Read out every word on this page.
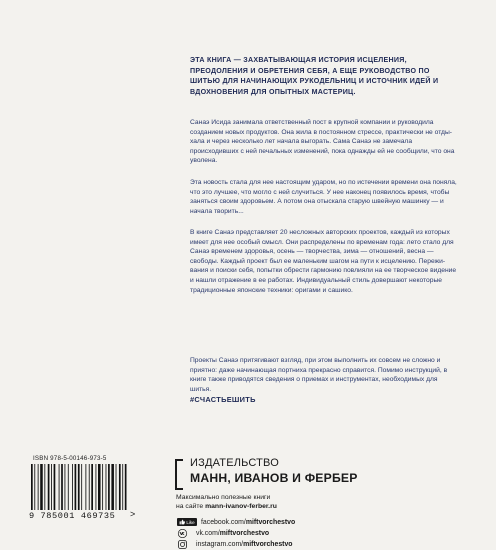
ЭТА КНИГА — ЗАХВАТЫВАЮЩАЯ ИСТОРИЯ ИСЦЕЛЕНИЯ, ПРЕОДОЛЕНИЯ И ОБРЕТЕНИЯ СЕБЯ, А ЕЩЕ РУКОВОДСТВО ПО ШИТЬЮ ДЛЯ НАЧИНАЮЩИХ РУКОДЕЛЬНИЦ И ИСТОЧНИК ИДЕЙ И ВДОХНОВЕНИЯ ДЛЯ ОПЫТНЫХ МАСТЕРИЦ.

Санаэ Исида занимала ответственный пост в крупной компании и руководила созданием новых продуктов. Она жила в постоянном стрессе, практически не отдыхала и через несколько лет начала выгорать. Сама Санаэ не замечала происходивших с ней печальных изменений, пока однажды ей не сообщили, что она уволена.

Эта новость стала для нее настоящим ударом, но по истечении времени она поняла, что это лучшее, что могло с ней случиться. У нее наконец появилось время, чтобы заняться своим здоровьем. А потом она отыскала старую швейную машинку — и начала творить...

В книге Санаэ представляет 20 несложных авторских проектов, каждый из которых имеет для нее особый смысл. Они распределены по временам года: лето стало для Санаэ временем здоровья, осень — творчества, зима — отношений, весна — свободы. Каждый проект был ее маленьким шагом на пути к исцелению. Переживания и поиски себя, попытки обрести гармонию повлияли на ее творческое видение и нашли отражение в ее работах. Индивидуальный стиль довершают некоторые традиционные японские техники: оригами и сашико.

Проекты Санаэ притягивают взгляд, при этом выполнить их совсем не сложно и приятно: даже начинающая портниха прекрасно справится. Помимо инструкций, в книге также приводятся сведения о приемах и инструментах, необходимых для шитья.

#СЧАСТЬЕШИТЬ

ISBN 978-5-00146-973-5
9 785001 469735 >
ИЗДАТЕЛЬСТВО
МАНН, ИВАНОВ И ФЕРБЕР
Максимально полезные книги
на сайте mann-ivanov-ferber.ru
Like facebook.com/ miftvorchestvo
vk.com/ miftvorchestvo
instagram.com/ miftvorchestvo
